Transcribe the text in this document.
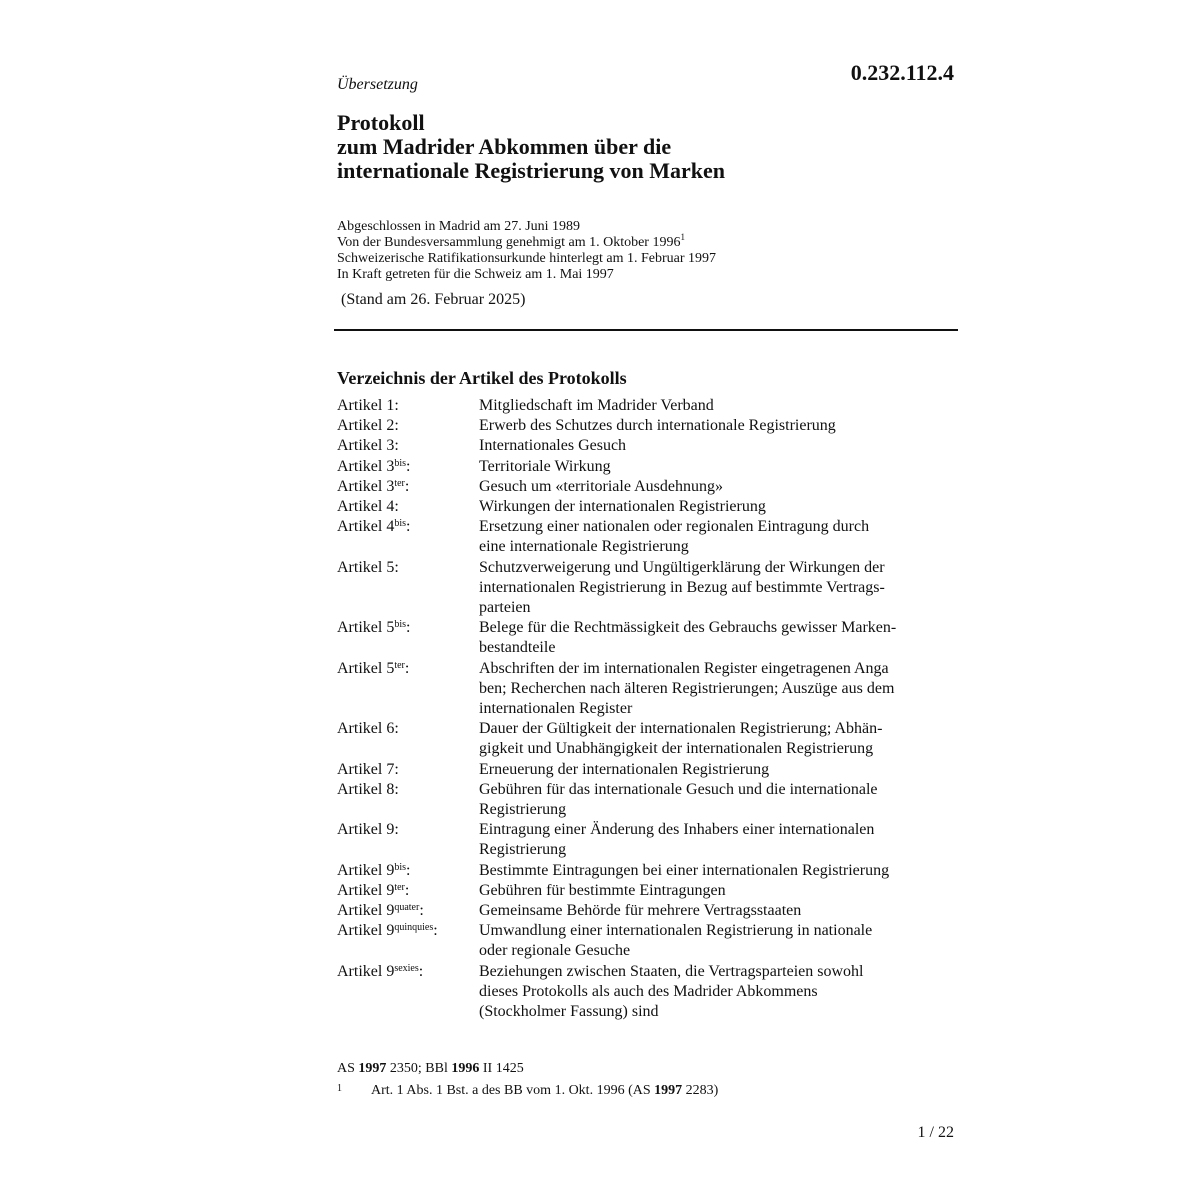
0.232.112.4
Übersetzung
Protokoll
zum Madrider Abkommen über die
internationale Registrierung von Marken
Abgeschlossen in Madrid am 27. Juni 1989
Von der Bundesversammlung genehmigt am 1. Oktober 1996$^1$
Schweizerische Ratifikationsurkunde hinterlegt am 1. Februar 1997
In Kraft getreten für die Schweiz am 1. Mai 1997
(Stand am 26. Februar 2025)
Verzeichnis der Artikel des Protokolls
Artikel 1:	Mitgliedschaft im Madrider Verband
Artikel 2:	Erwerb des Schutzes durch internationale Registrierung
Artikel 3:	Internationales Gesuch
Artikel $3^{bis}$:	Territoriale Wirkung
Artikel $3^{ter}$:	Gesuch um «territoriale Ausdehnung»
Artikel 4:	Wirkungen der internationalen Registrierung
Artikel $4^{bis}$:	Ersetzung einer nationalen oder regionalen Eintragung durch
eine internationale Registrierung
Artikel 5:	Schutzverweigerung und Ungültigerklärung der Wirkungen der
internationalen Registrierung in Bezug auf bestimmte Vertrags-
parteien
Artikel $5^{bis}$:	Belege für die Rechtmässigkeit des Gebrauchs gewisser Marken-
bestandteile
Artikel $5^{ter}$:	Abschriften der im internationalen Register eingetragenen Anga
ben; Recherchen nach älteren Registrierungen; Auszüge aus dem
internationalen Register
Artikel 6:	Dauer der Gültigkeit der internationalen Registrierung; Abhän-
gigkeit und Unabhängigkeit der internationalen Registrierung
Artikel 7:	Erneuerung der internationalen Registrierung
Artikel 8:	Gebühren für das internationale Gesuch und die internationale
Registrierung
Artikel 9:	Eintragung einer Änderung des Inhabers einer internationalen
Registrierung
Artikel $9^{bis}$:	Bestimmte Eintragungen bei einer internationalen Registrierung
Artikel $9^{ter}$:	Gebühren für bestimmte Eintragungen
Artikel $9^{quater}$:	Gemeinsame Behörde für mehrere Vertragsstaaten
Artikel $9^{quinquies}$:	Umwandlung einer internationalen Registrierung in nationale
oder regionale Gesuche
Artikel $9^{sexies}$:	Beziehungen zwischen Staaten, die Vertragsparteien sowohl
dieses Protokolls als auch des Madrider Abkommens
(Stockholmer Fassung) sind
AS 1997 2350; BBl 1996 II 1425
1 Art. 1 Abs. 1 Bst. a des BB vom 1. Okt. 1996 (AS 1997 2283)
1 / 22
